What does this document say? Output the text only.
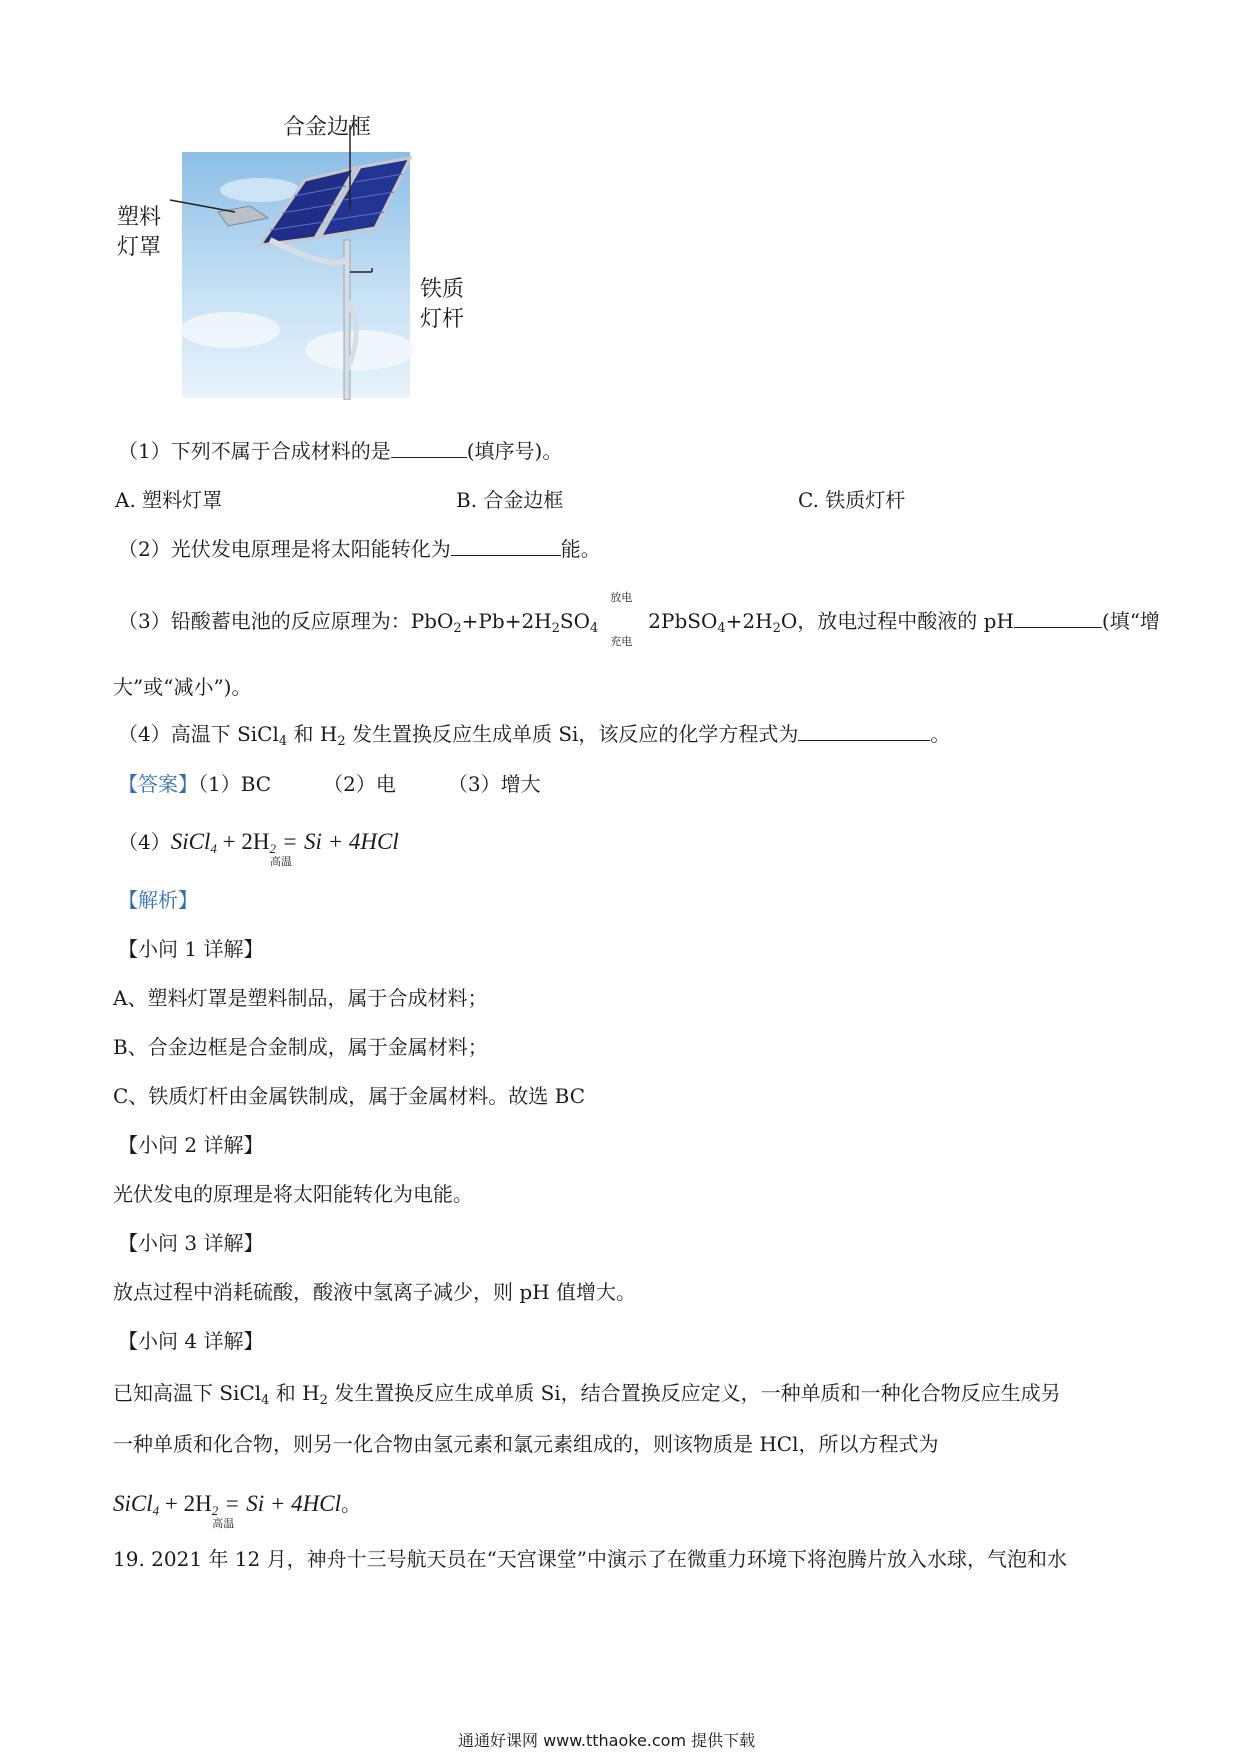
合金边框
塑料
灯罩
铁质
灯杆
（1）下列不属于合成材料的是	(填序号)。
A. 塑料灯罩	B. 合金边框	C. 铁质灯杆
（2）光伏发电原理是将太阳能转化为	能。
（3）铅酸蓄电池的反应原理为：$PbO_2+Pb+2H_2SO_4$
放电
充电
$2PbSO_4+2H_2O$，放电过程中酸液的 pH	(填“增
大”或“减小”)。
（4）高温下 SiCl$_4$ 和 $H_2$ 发生置换反应生成单质 Si，该反应的化学方程式为	。
【答案】（1）BC	（2）电	（3）增大
（4）SiCl$_4$ + $2H_2$ =
高温
Si + 4HCl
【解析】
【小问 1 详解】
A、塑料灯罩是塑料制品，属于合成材料；
B、合金边框是合金制成，属于金属材料；
C、铁质灯杆由金属铁制成，属于金属材料。故选 BC
【小问 2 详解】
光伏发电的原理是将太阳能转化为电能。
【小问 3 详解】
放点过程中消耗硫酸，酸液中氢离子减少，则 pH 值增大。
【小问 4 详解】
已知高温下 SiCl$_4$ 和 $H_2$ 发生置换反应生成单质 Si，结合置换反应定义，一种单质和一种化合物反应生成另
一种单质和化合物，则另一化合物由氢元素和氯元素组成的，则该物质是 HCl，所以方程式为
SiCl$_4$ + $2H_2$ =
高温
Si + 4HCl。
19. 2021 年 12 月，神舟十三号航天员在“天宫课堂”中演示了在微重力环境下将泡腾片放入水球，气泡和水
通通好课网 www.tthaoke.com 提供下载
